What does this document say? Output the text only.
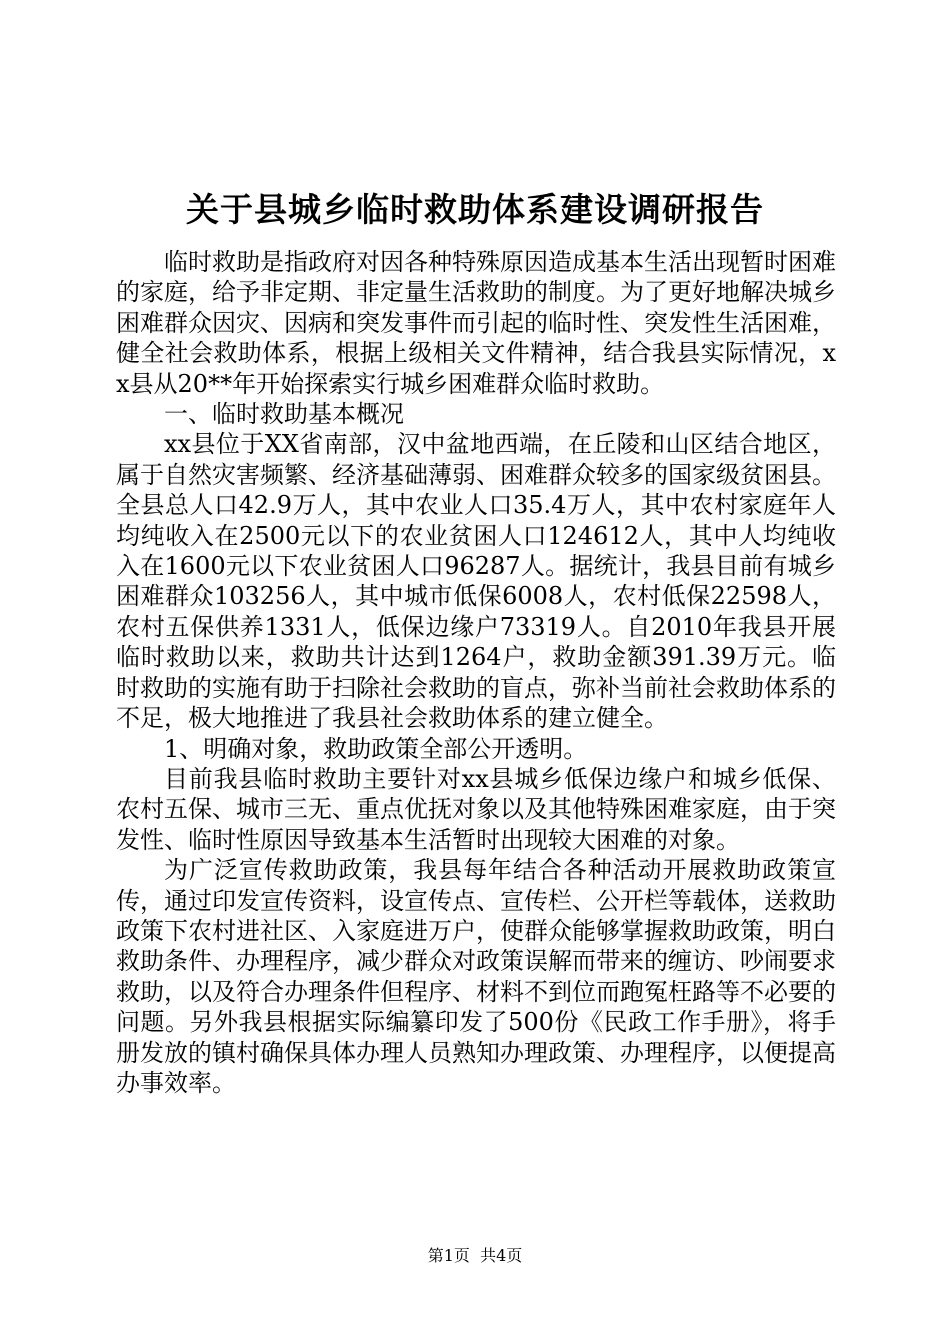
关于县城乡临时救助体系建设调研报告

临时救助是指政府对因各种特殊原因造成基本生活出现暂时困难的家庭，给予非定期、非定量生活救助的制度。为了更好地解决城乡困难群众因灾、因病和突发事件而引起的临时性、突发性生活困难，健全社会救助体系，根据上级相关文件精神，结合我县实际情况，xx县从20**年开始探索实行城乡困难群众临时救助。

一、临时救助基本概况

xx县位于XX省南部，汉中盆地西端，在丘陵和山区结合地区，属于自然灾害频繁、经济基础薄弱、困难群众较多的国家级贫困县。全县总人口42.9万人，其中农业人口35.4万人，其中农村家庭年人均纯收入在2500元以下的农业贫困人口124612人，其中人均纯收入在1600元以下农业贫困人口96287人。据统计，我县目前有城乡困难群众103256人，其中城市低保6008人，农村低保22598人，农村五保供养1331人，低保边缘户73319人。自2010年我县开展临时救助以来，救助共计达到1264户，救助金额391.39万元。临时救助的实施有助于扫除社会救助的盲点，弥补当前社会救助体系的不足，极大地推进了我县社会救助体系的建立健全。

1、明确对象，救助政策全部公开透明。

目前我县临时救助主要针对xx县城乡低保边缘户和城乡低保、农村五保、城市三无、重点优抚对象以及其他特殊困难家庭，由于突发性、临时性原因导致基本生活暂时出现较大困难的对象。

为广泛宣传救助政策，我县每年结合各种活动开展救助政策宣传，通过印发宣传资料，设宣传点、宣传栏、公开栏等载体，送救助政策下农村进社区、入家庭进万户，使群众能够掌握救助政策，明白救助条件、办理程序，减少群众对政策误解而带来的缠访、吵闹要求救助，以及符合办理条件但程序、材料不到位而跑冤枉路等不必要的问题。另外我县根据实际编纂印发了500份《民政工作手册》，将手册发放的镇村确保具体办理人员熟知办理政策、办理程序，以便提高办事效率。

第1页 共4页
